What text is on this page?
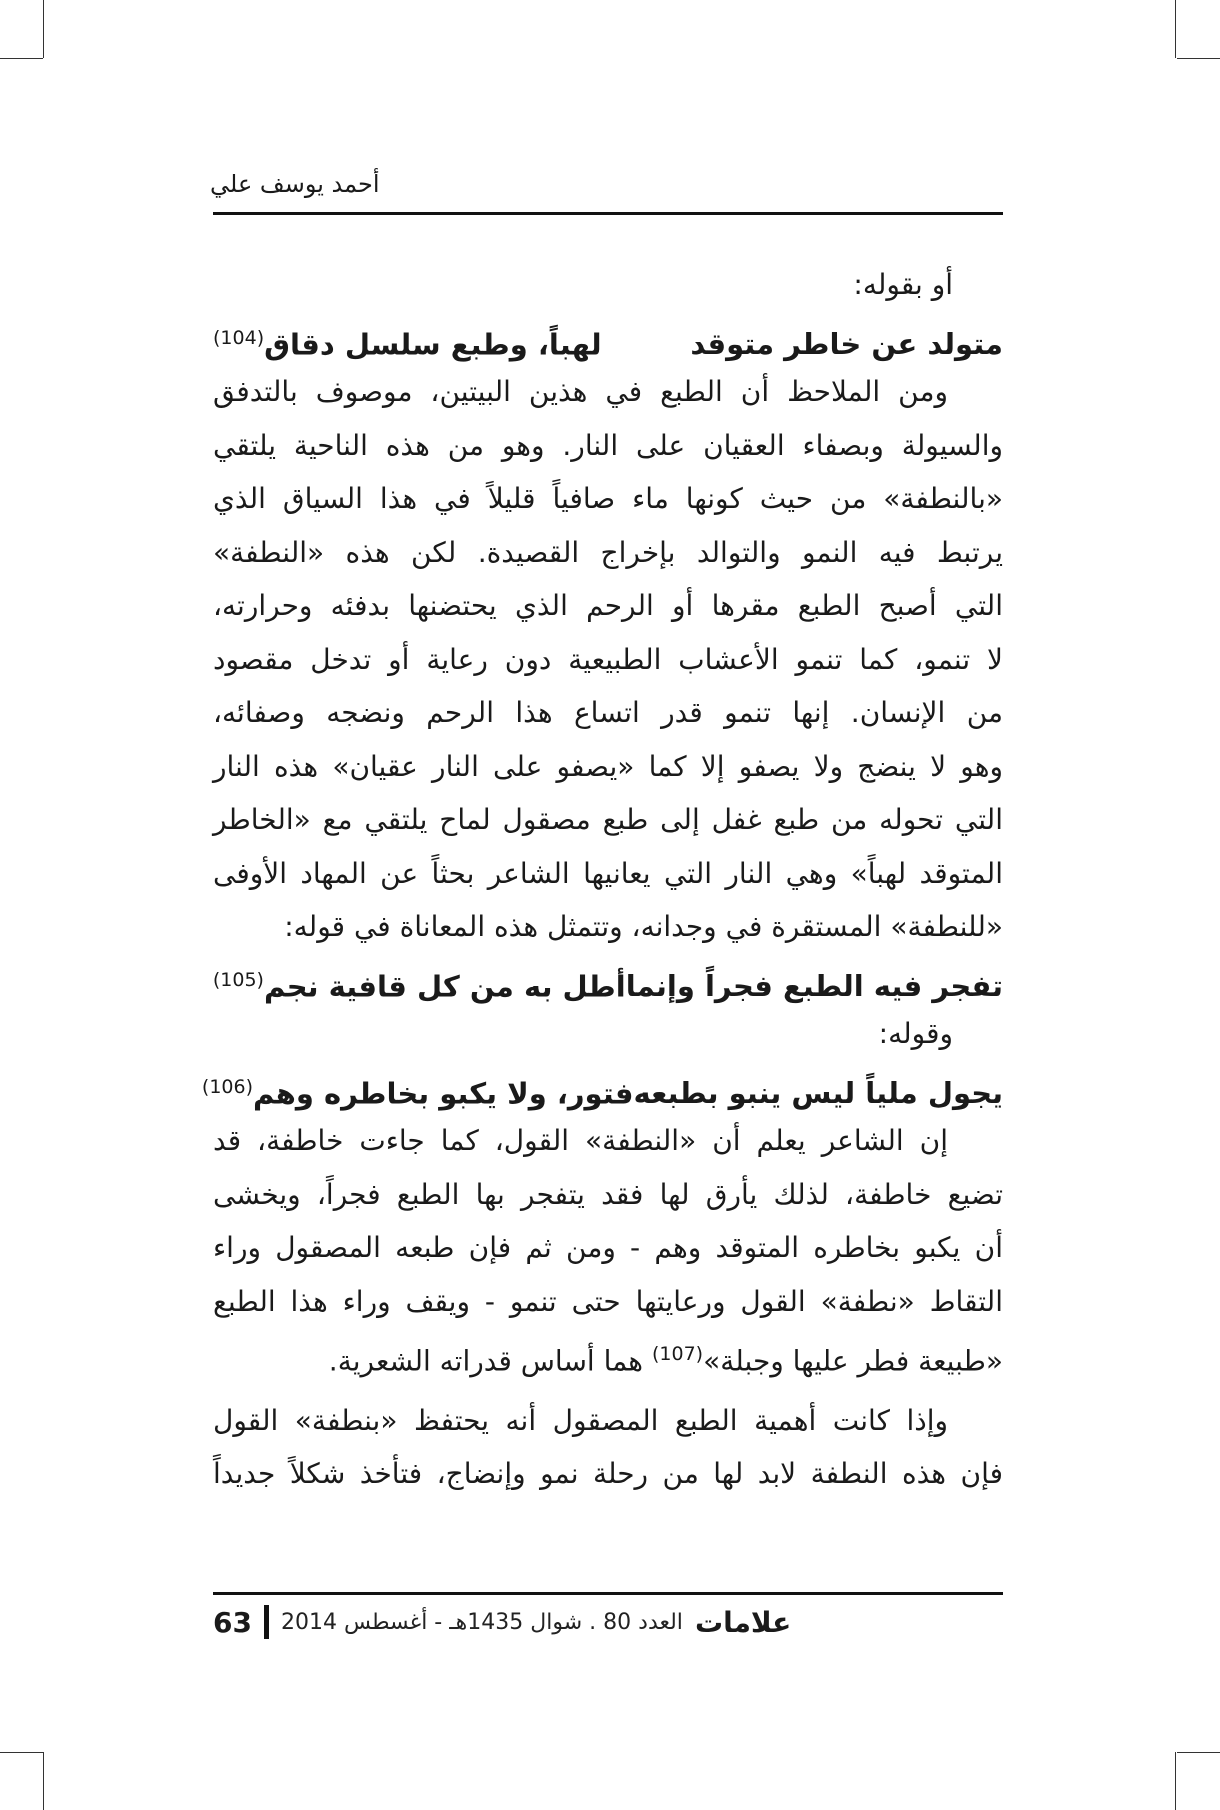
أحمد يوسف علي
أو بقوله:
متولد عن خاطر متوقد
لهباً، وطبع سلسل دقاق$^{(104)}$
ومن الملاحظ أن الطبع في هذين البيتين، موصوف بالتدفق
والسيولة وبصفاء العقيان على النار. وهو من هذه الناحية يلتقي
«بالنطفة» من حيث كونها ماء صافياً قليلاً في هذا السياق الذي
يرتبط فيه النمو والتوالد بإخراج القصيدة. لكن هذه «النطفة»
التي أصبح الطبع مقرها أو الرحم الذي يحتضنها بدفئه وحرارته،
لا تنمو، كما تنمو الأعشاب الطبيعية دون رعاية أو تدخل مقصود
من الإنسان. إنها تنمو قدر اتساع هذا الرحم ونضجه وصفائه،
وهو لا ينضج ولا يصفو إلا كما «يصفو على النار عقيان» هذه النار
التي تحوله من طبع غفل إلى طبع مصقول لماح يلتقي مع «الخاطر
المتوقد لهباً» وهي النار التي يعانيها الشاعر بحثاً عن المهاد الأوفى
«للنطفة» المستقرة في وجدانه، وتتمثل هذه المعاناة في قوله:
تفجر فيه الطبع فجراً وإنما
أطل به من كل قافية نجم$^{(105)}$
وقوله:
يجول ملياً ليس ينبو بطبعه
فتور، ولا يكبو بخاطره وهم$^{(106)}$
إن الشاعر يعلم أن «النطفة» القول، كما جاءت خاطفة، قد
تضيع خاطفة، لذلك يأرق لها فقد يتفجر بها الطبع فجراً، ويخشى
أن يكبو بخاطره المتوقد وهم - ومن ثم فإن طبعه المصقول وراء
التقاط «نطفة» القول ورعايتها حتى تنمو - ويقف وراء هذا الطبع
«طبيعة فطر عليها وجبلة»$^{(107)}$ هما أساس قدراته الشعرية.
وإذا كانت أهمية الطبع المصقول أنه يحتفظ «بنطفة» القول
فإن هذه النطفة لابد لها من رحلة نمو وإنضاج، فتأخذ شكلاً جديداً
علامات
العدد 80 . شوال 1435هـ - أغسطس 2014
63
